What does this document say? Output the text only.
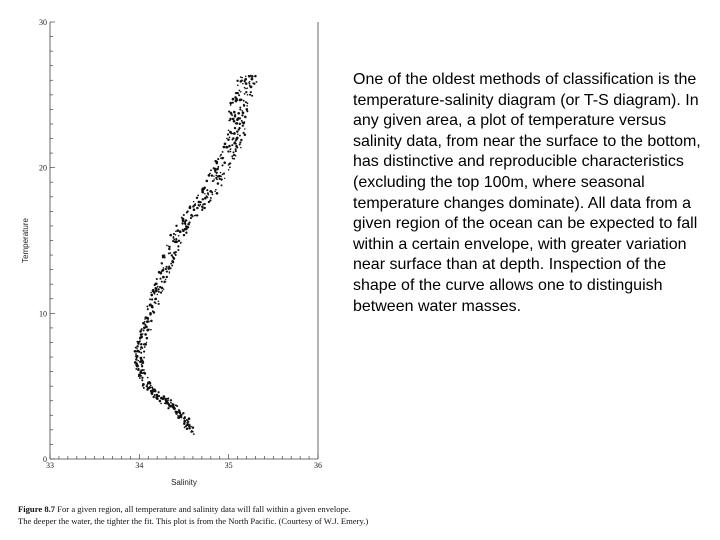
0
10
20
30
33	34	35	36
Salinity
Temperature
One of the oldest methods of classification is the temperature-salinity diagram (or T-S diagram). In any given area, a plot of temperature versus salinity data, from near the surface to the bottom, has distinctive and reproducible characteristics (excluding the top 100m, where seasonal temperature changes dominate). All data from a given region of the ocean can be expected to fall within a certain envelope, with greater variation near surface than at depth. Inspection of the shape of the curve allows one to distinguish between water masses.
Figure 8.7 For a given region, all temperature and salinity data will fall within a given envelope.
The deeper the water, the tighter the fit. This plot is from the North Pacific. (Courtesy of W.J. Emery.)
